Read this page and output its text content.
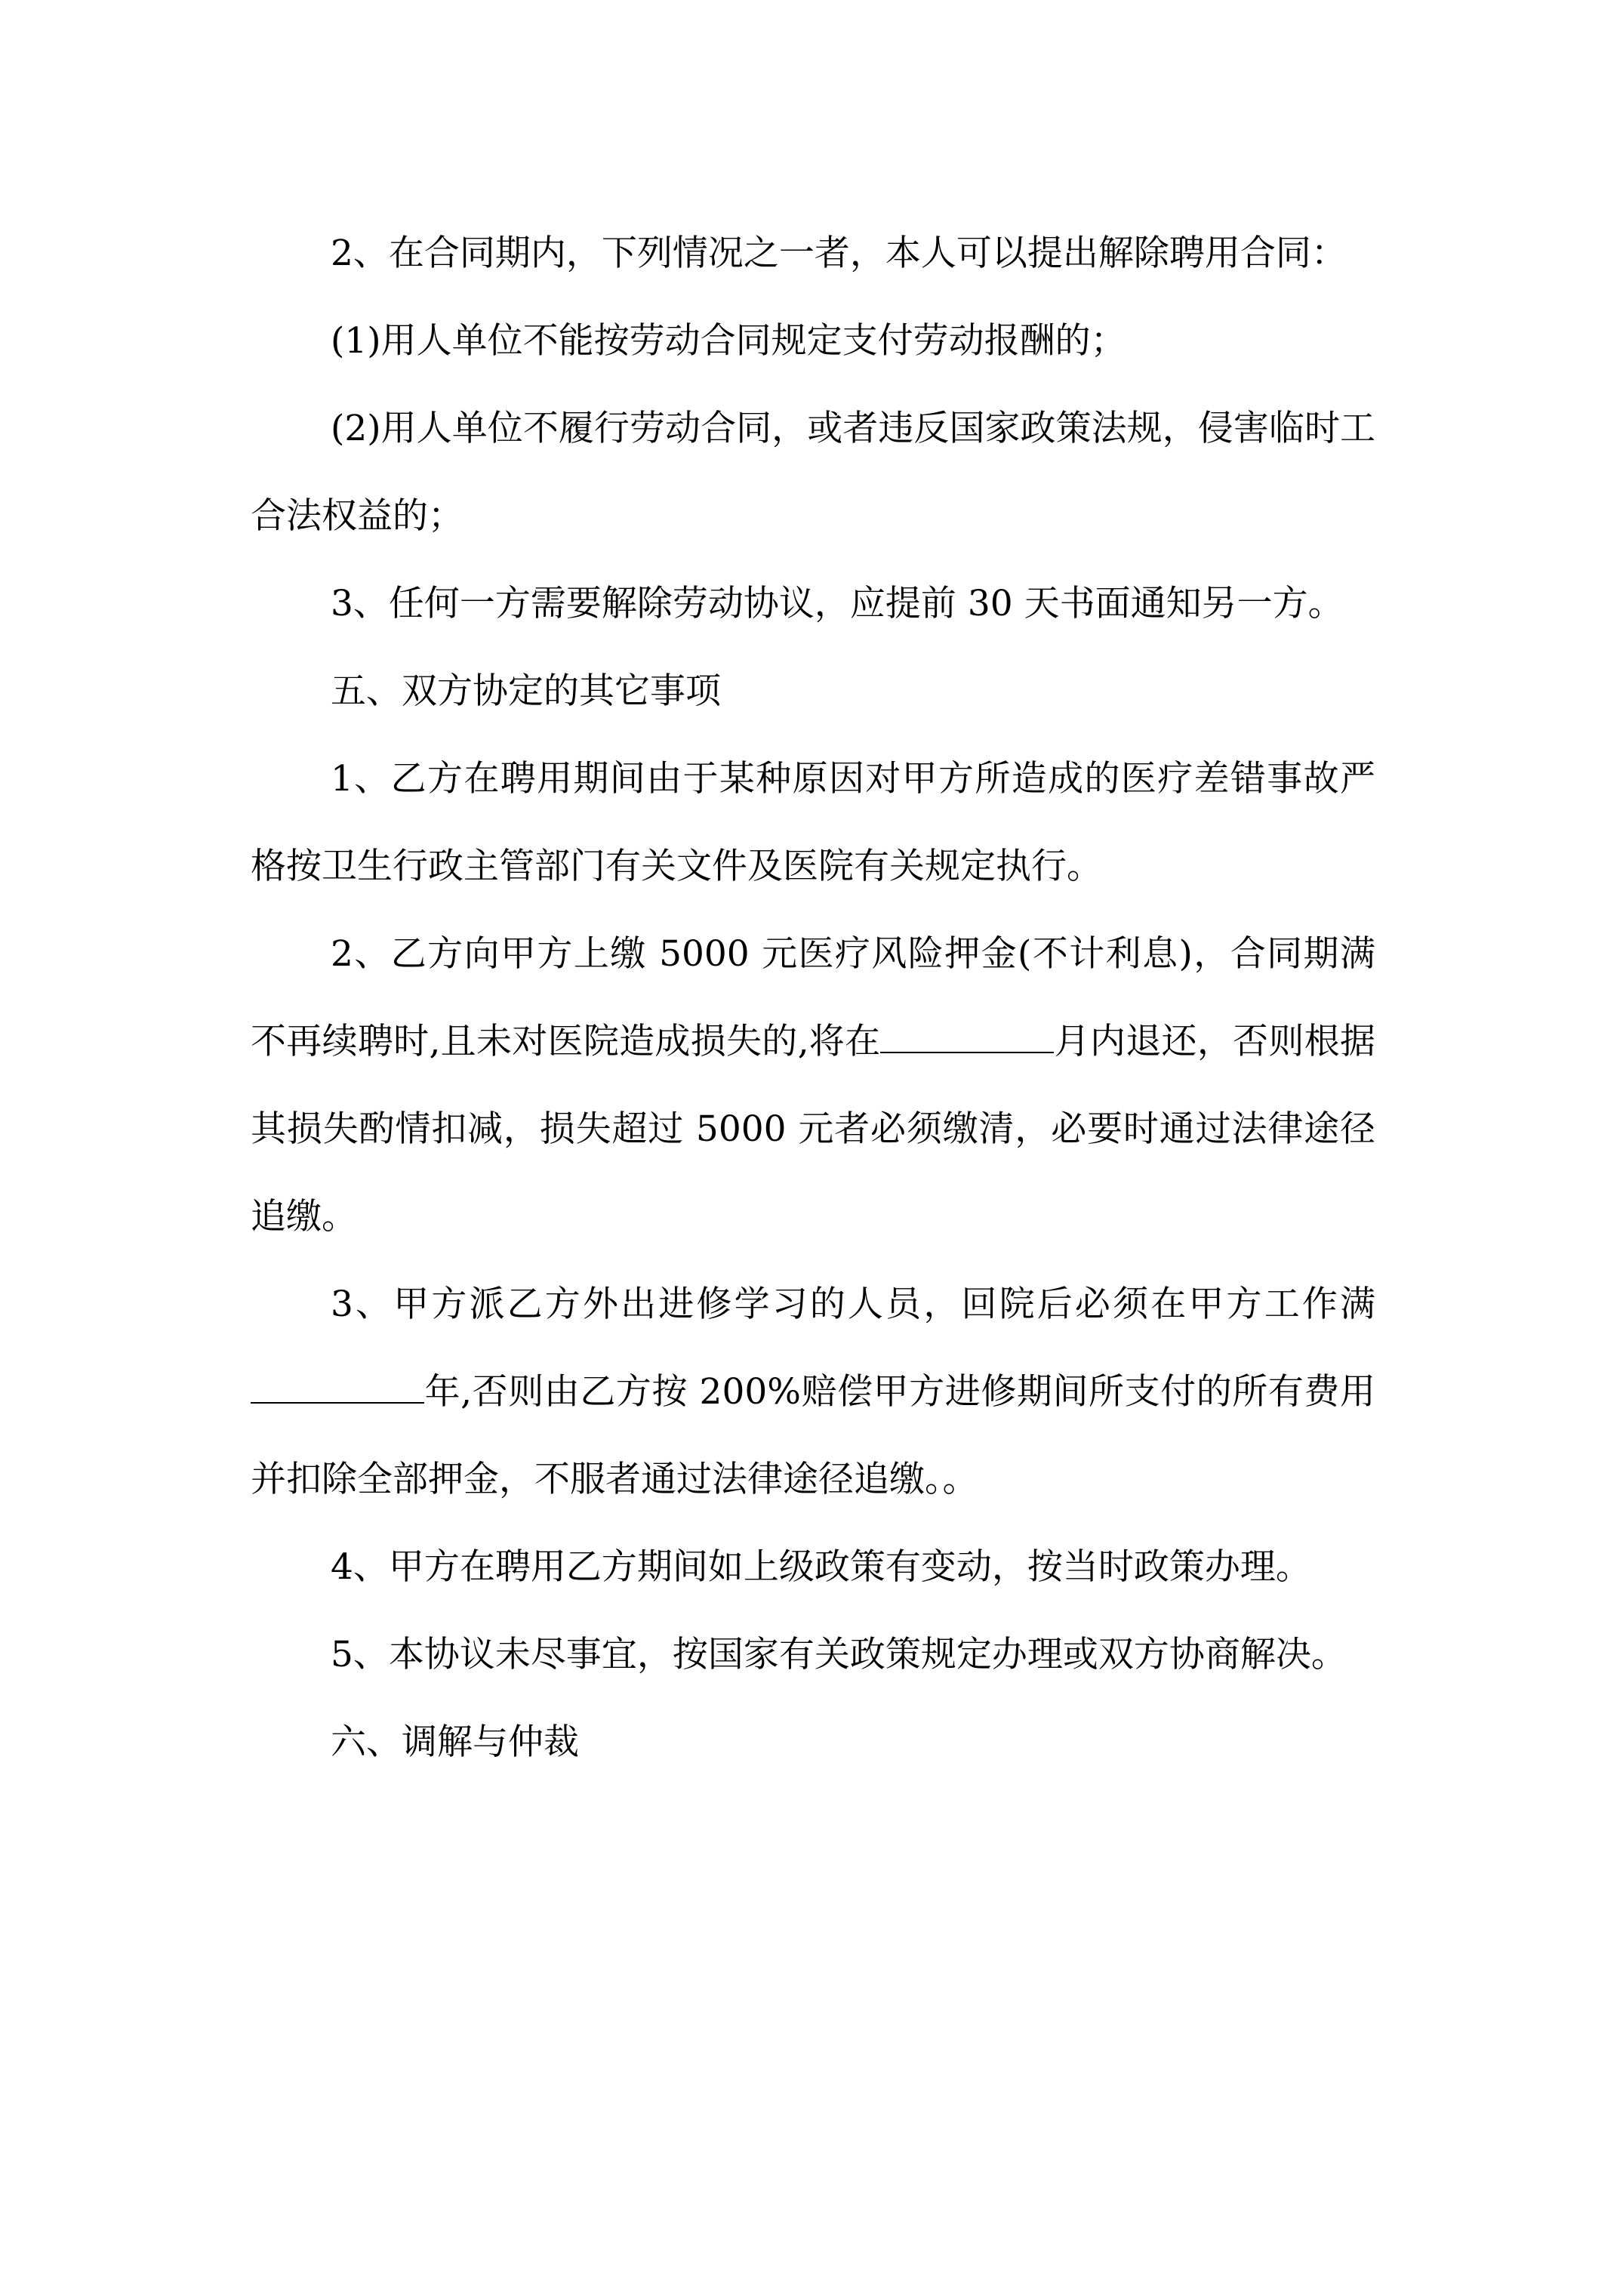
2、在合同期内，下列情况之一者，本人可以提出解除聘用合同：

(1)用人单位不能按劳动合同规定支付劳动报酬的；

(2)用人单位不履行劳动合同，或者违反国家政策法规，侵害临时工合法权益的；

3、任何一方需要解除劳动协议，应提前 30 天书面通知另一方。

五、双方协定的其它事项

1、乙方在聘用期间由于某种原因对甲方所造成的医疗差错事故严格按卫生行政主管部门有关文件及医院有关规定执行。

2、乙方向甲方上缴 5000 元医疗风险押金(不计利息)，合同期满不再续聘时,且未对医院造成损失的,将在	月内退还，否则根据其损失酌情扣减，损失超过 5000 元者必须缴清，必要时通过法律途径追缴。

3、甲方派乙方外出进修学习的人员，回院后必须在甲方工作满年,否则由乙方按 200%赔偿甲方进修期间所支付的所有费用并扣除全部押金，不服者通过法律途径追缴。。

4、甲方在聘用乙方期间如上级政策有变动，按当时政策办理。

5、本协议未尽事宜，按国家有关政策规定办理或双方协商解决。

六、调解与仲裁
